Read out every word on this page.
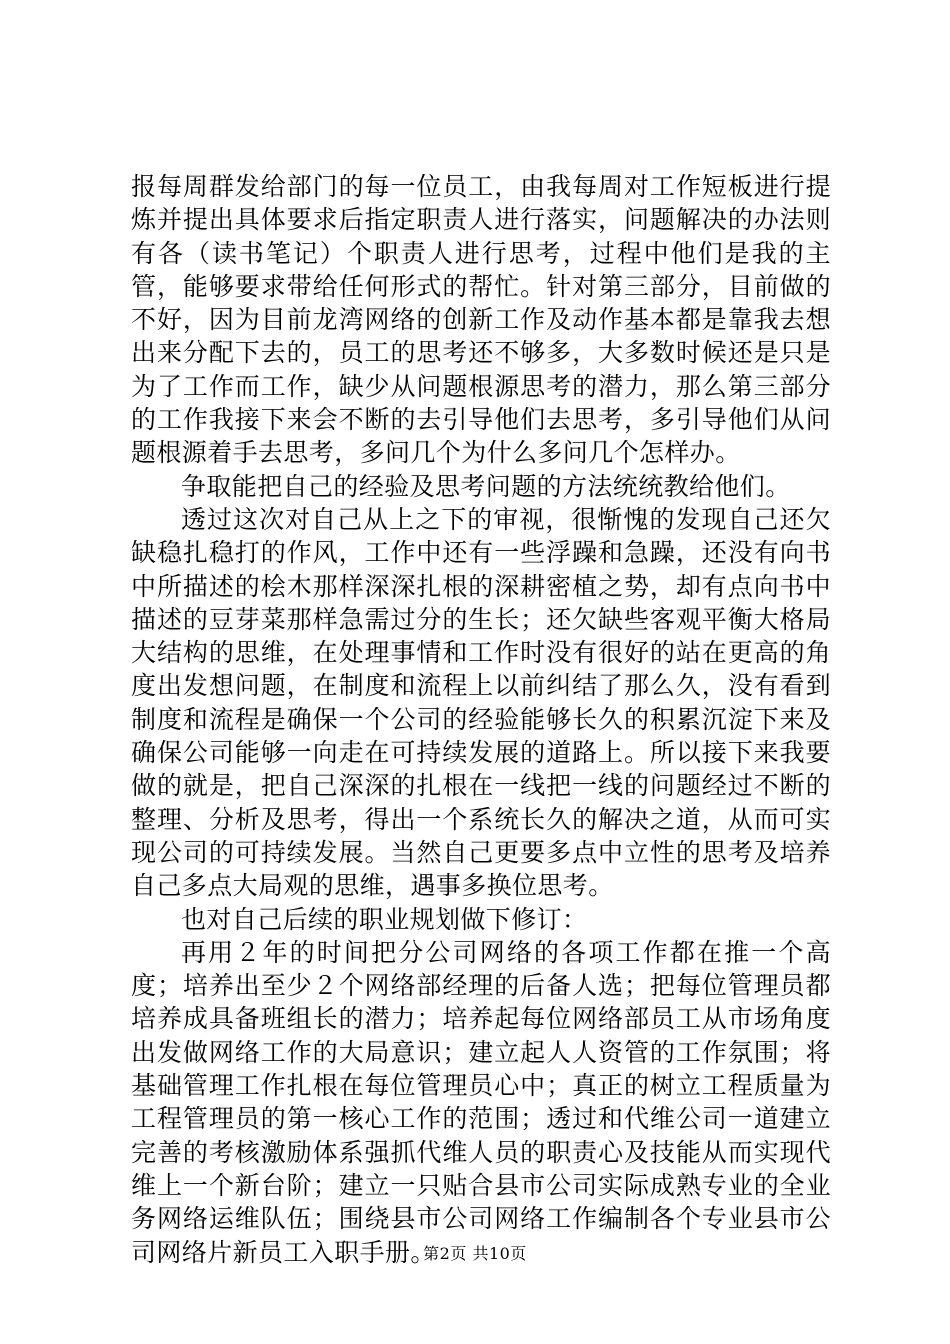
报每周群发给部门的每一位员工，由我每周对工作短板进行提炼并提出具体要求后指定职责人进行落实，问题解决的办法则有各（读书笔记）个职责人进行思考，过程中他们是我的主管，能够要求带给任何形式的帮忙。针对第三部分，目前做的不好，因为目前龙湾网络的创新工作及动作基本都是靠我去想出来分配下去的，员工的思考还不够多，大多数时候还是只是为了工作而工作，缺少从问题根源思考的潜力，那么第三部分的工作我接下来会不断的去引导他们去思考，多引导他们从问题根源着手去思考，多问几个为什么多问几个怎样办。

争取能把自己的经验及思考问题的方法统统教给他们。

透过这次对自己从上之下的审视，很惭愧的发现自己还欠缺稳扎稳打的作风，工作中还有一些浮躁和急躁，还没有向书中所描述的桧木那样深深扎根的深耕密植之势，却有点向书中描述的豆芽菜那样急需过分的生长；还欠缺些客观平衡大格局大结构的思维，在处理事情和工作时没有很好的站在更高的角度出发想问题，在制度和流程上以前纠结了那么久，没有看到制度和流程是确保一个公司的经验能够长久的积累沉淀下来及确保公司能够一向走在可持续发展的道路上。所以接下来我要做的就是，把自己深深的扎根在一线把一线的问题经过不断的整理、分析及思考，得出一个系统长久的解决之道，从而可实现公司的可持续发展。当然自己更要多点中立性的思考及培养自己多点大局观的思维，遇事多换位思考。

也对自己后续的职业规划做下修订：

再用２年的时间把分公司网络的各项工作都在推一个高度；培养出至少２个网络部经理的后备人选；把每位管理员都培养成具备班组长的潜力；培养起每位网络部员工从市场角度出发做网络工作的大局意识；建立起人人资管的工作氛围；将基础管理工作扎根在每位管理员心中；真正的树立工程质量为工程管理员的第一核心工作的范围；透过和代维公司一道建立完善的考核激励体系强抓代维人员的职责心及技能从而实现代维上一个新台阶；建立一只贴合县市公司实际成熟专业的全业务网络运维队伍；围绕县市公司网络工作编制各个专业县市公司网络片新员工入职手册。

第2页 共10页
